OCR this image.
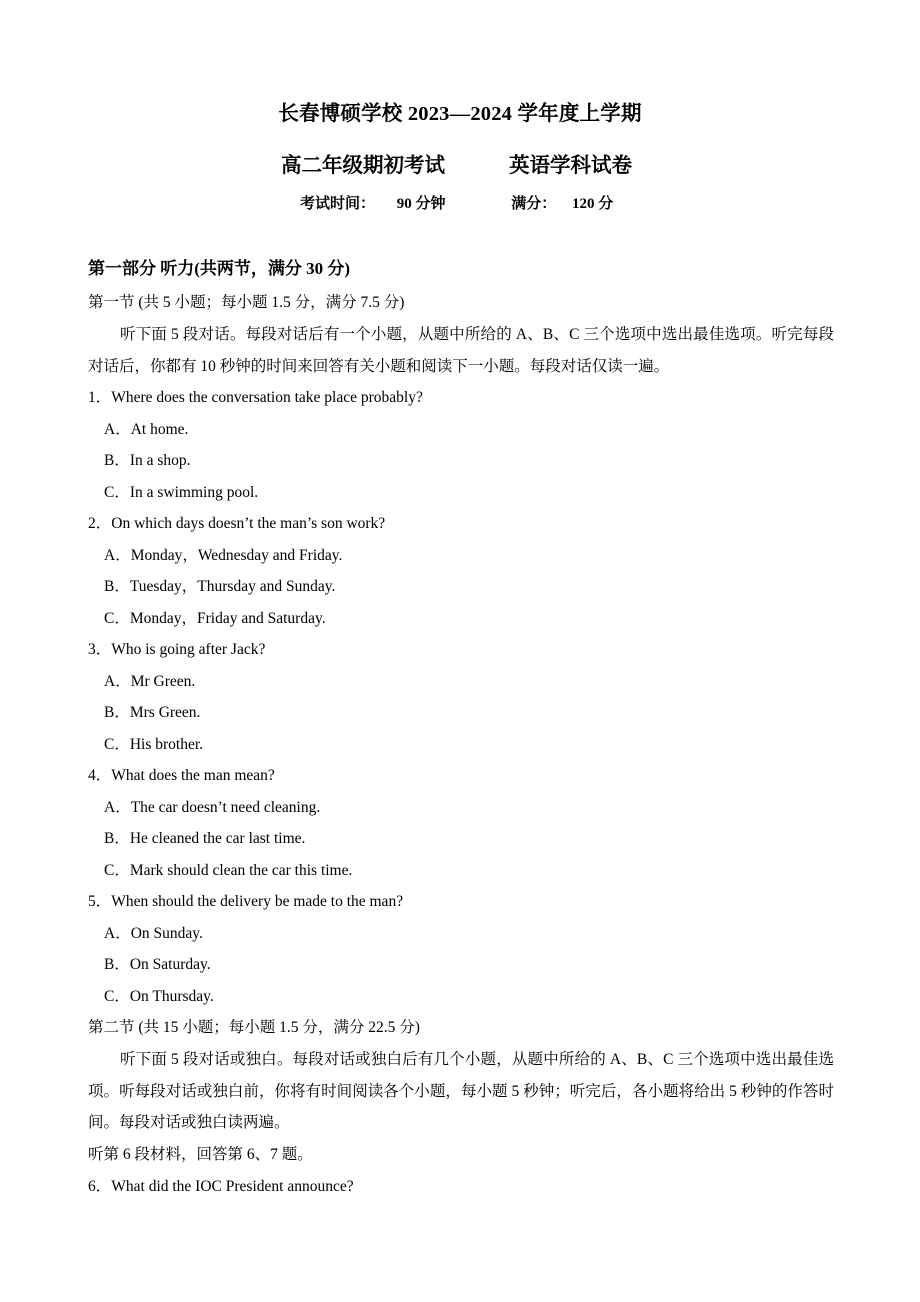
长春博硕学校 2023—2024 学年度上学期
高二年级期初考试	英语学科试卷
考试时间： 90 分钟	满分： 120 分
第一部分 听力(共两节，满分 30 分)
第一节 (共 5 小题；每小题 1.5 分，满分 7.5 分)
听下面 5 段对话。每段对话后有一个小题，从题中所给的 A、B、C 三个选项中选出最佳选项。听完每段对话后，你都有 10 秒钟的时间来回答有关小题和阅读下一小题。每段对话仅读一遍。
1．Where does the conversation take place probably?
A．At home.
B．In a shop.
C．In a swimming pool.
2．On which days doesn’t the man’s son work?
A．Monday，Wednesday and Friday.
B．Tuesday，Thursday and Sunday.
C．Monday，Friday and Saturday.
3．Who is going after Jack?
A．Mr Green.
B．Mrs Green.
C．His brother.
4．What does the man mean?
A．The car doesn’t need cleaning.
B．He cleaned the car last time.
C．Mark should clean the car this time.
5．When should the delivery be made to the man?
A．On Sunday.
B．On Saturday.
C．On Thursday.
第二节 (共 15 小题；每小题 1.5 分，满分 22.5 分)
听下面 5 段对话或独白。每段对话或独白后有几个小题，从题中所给的 A、B、C 三个选项中选出最佳选项。听每段对话或独白前，你将有时间阅读各个小题，每小题 5 秒钟；听完后，各小题将给出 5 秒钟的作答时间。每段对话或独白读两遍。
听第 6 段材料，回答第 6、7 题。
6．What did the IOC President announce?
